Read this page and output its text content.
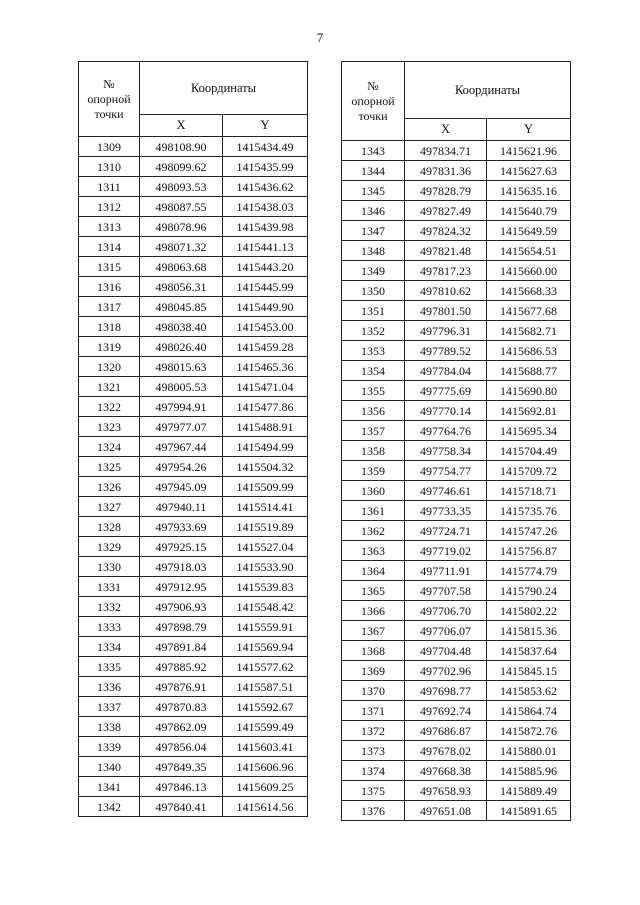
7
№
опорной
точки	Координаты	
	X	Y
1309	498108.90	1415434.49
1310	498099.62	1415435.99
1311	498093.53	1415436.62
1312	498087.55	1415438.03
1313	498078.96	1415439.98
1314	498071.32	1415441.13
1315	498063.68	1415443.20
1316	498056.31	1415445.99
1317	498045.85	1415449.90
1318	498038.40	1415453.00
1319	498026.40	1415459.28
1320	498015.63	1415465.36
1321	498005.53	1415471.04
1322	497994.91	1415477.86
1323	497977.07	1415488.91
1324	497967.44	1415494.99
1325	497954.26	1415504.32
1326	497945.09	1415509.99
1327	497940.11	1415514.41
1328	497933.69	1415519.89
1329	497925.15	1415527.04
1330	497918.03	1415533.90
1331	497912.95	1415539.83
1332	497906.93	1415548.42
1333	497898.79	1415559.91
1334	497891.84	1415569.94
1335	497885.92	1415577.62
1336	497876.91	1415587.51
1337	497870.83	1415592.67
1338	497862.09	1415599.49
1339	497856.04	1415603.41
1340	497849.35	1415606.96
1341	497846.13	1415609.25
1342	497840.41	1415614.56
№
опорной
точки	Координаты	
	X	Y
1343	497834.71	1415621.96
1344	497831.36	1415627.63
1345	497828.79	1415635.16
1346	497827.49	1415640.79
1347	497824.32	1415649.59
1348	497821.48	1415654.51
1349	497817.23	1415660.00
1350	497810.62	1415668.33
1351	497801.50	1415677.68
1352	497796.31	1415682.71
1353	497789.52	1415686.53
1354	497784.04	1415688.77
1355	497775.69	1415690.80
1356	497770.14	1415692.81
1357	497764.76	1415695.34
1358	497758.34	1415704.49
1359	497754.77	1415709.72
1360	497746.61	1415718.71
1361	497733.35	1415735.76
1362	497724.71	1415747.26
1363	497719.02	1415756.87
1364	497711.91	1415774.79
1365	497707.58	1415790.24
1366	497706.70	1415802.22
1367	497706.07	1415815.36
1368	497704.48	1415837.64
1369	497702.96	1415845.15
1370	497698.77	1415853.62
1371	497692.74	1415864.74
1372	497686.87	1415872.76
1373	497678.02	1415880.01
1374	497668.38	1415885.96
1375	497658.93	1415889.49
1376	497651.08	1415891.65
